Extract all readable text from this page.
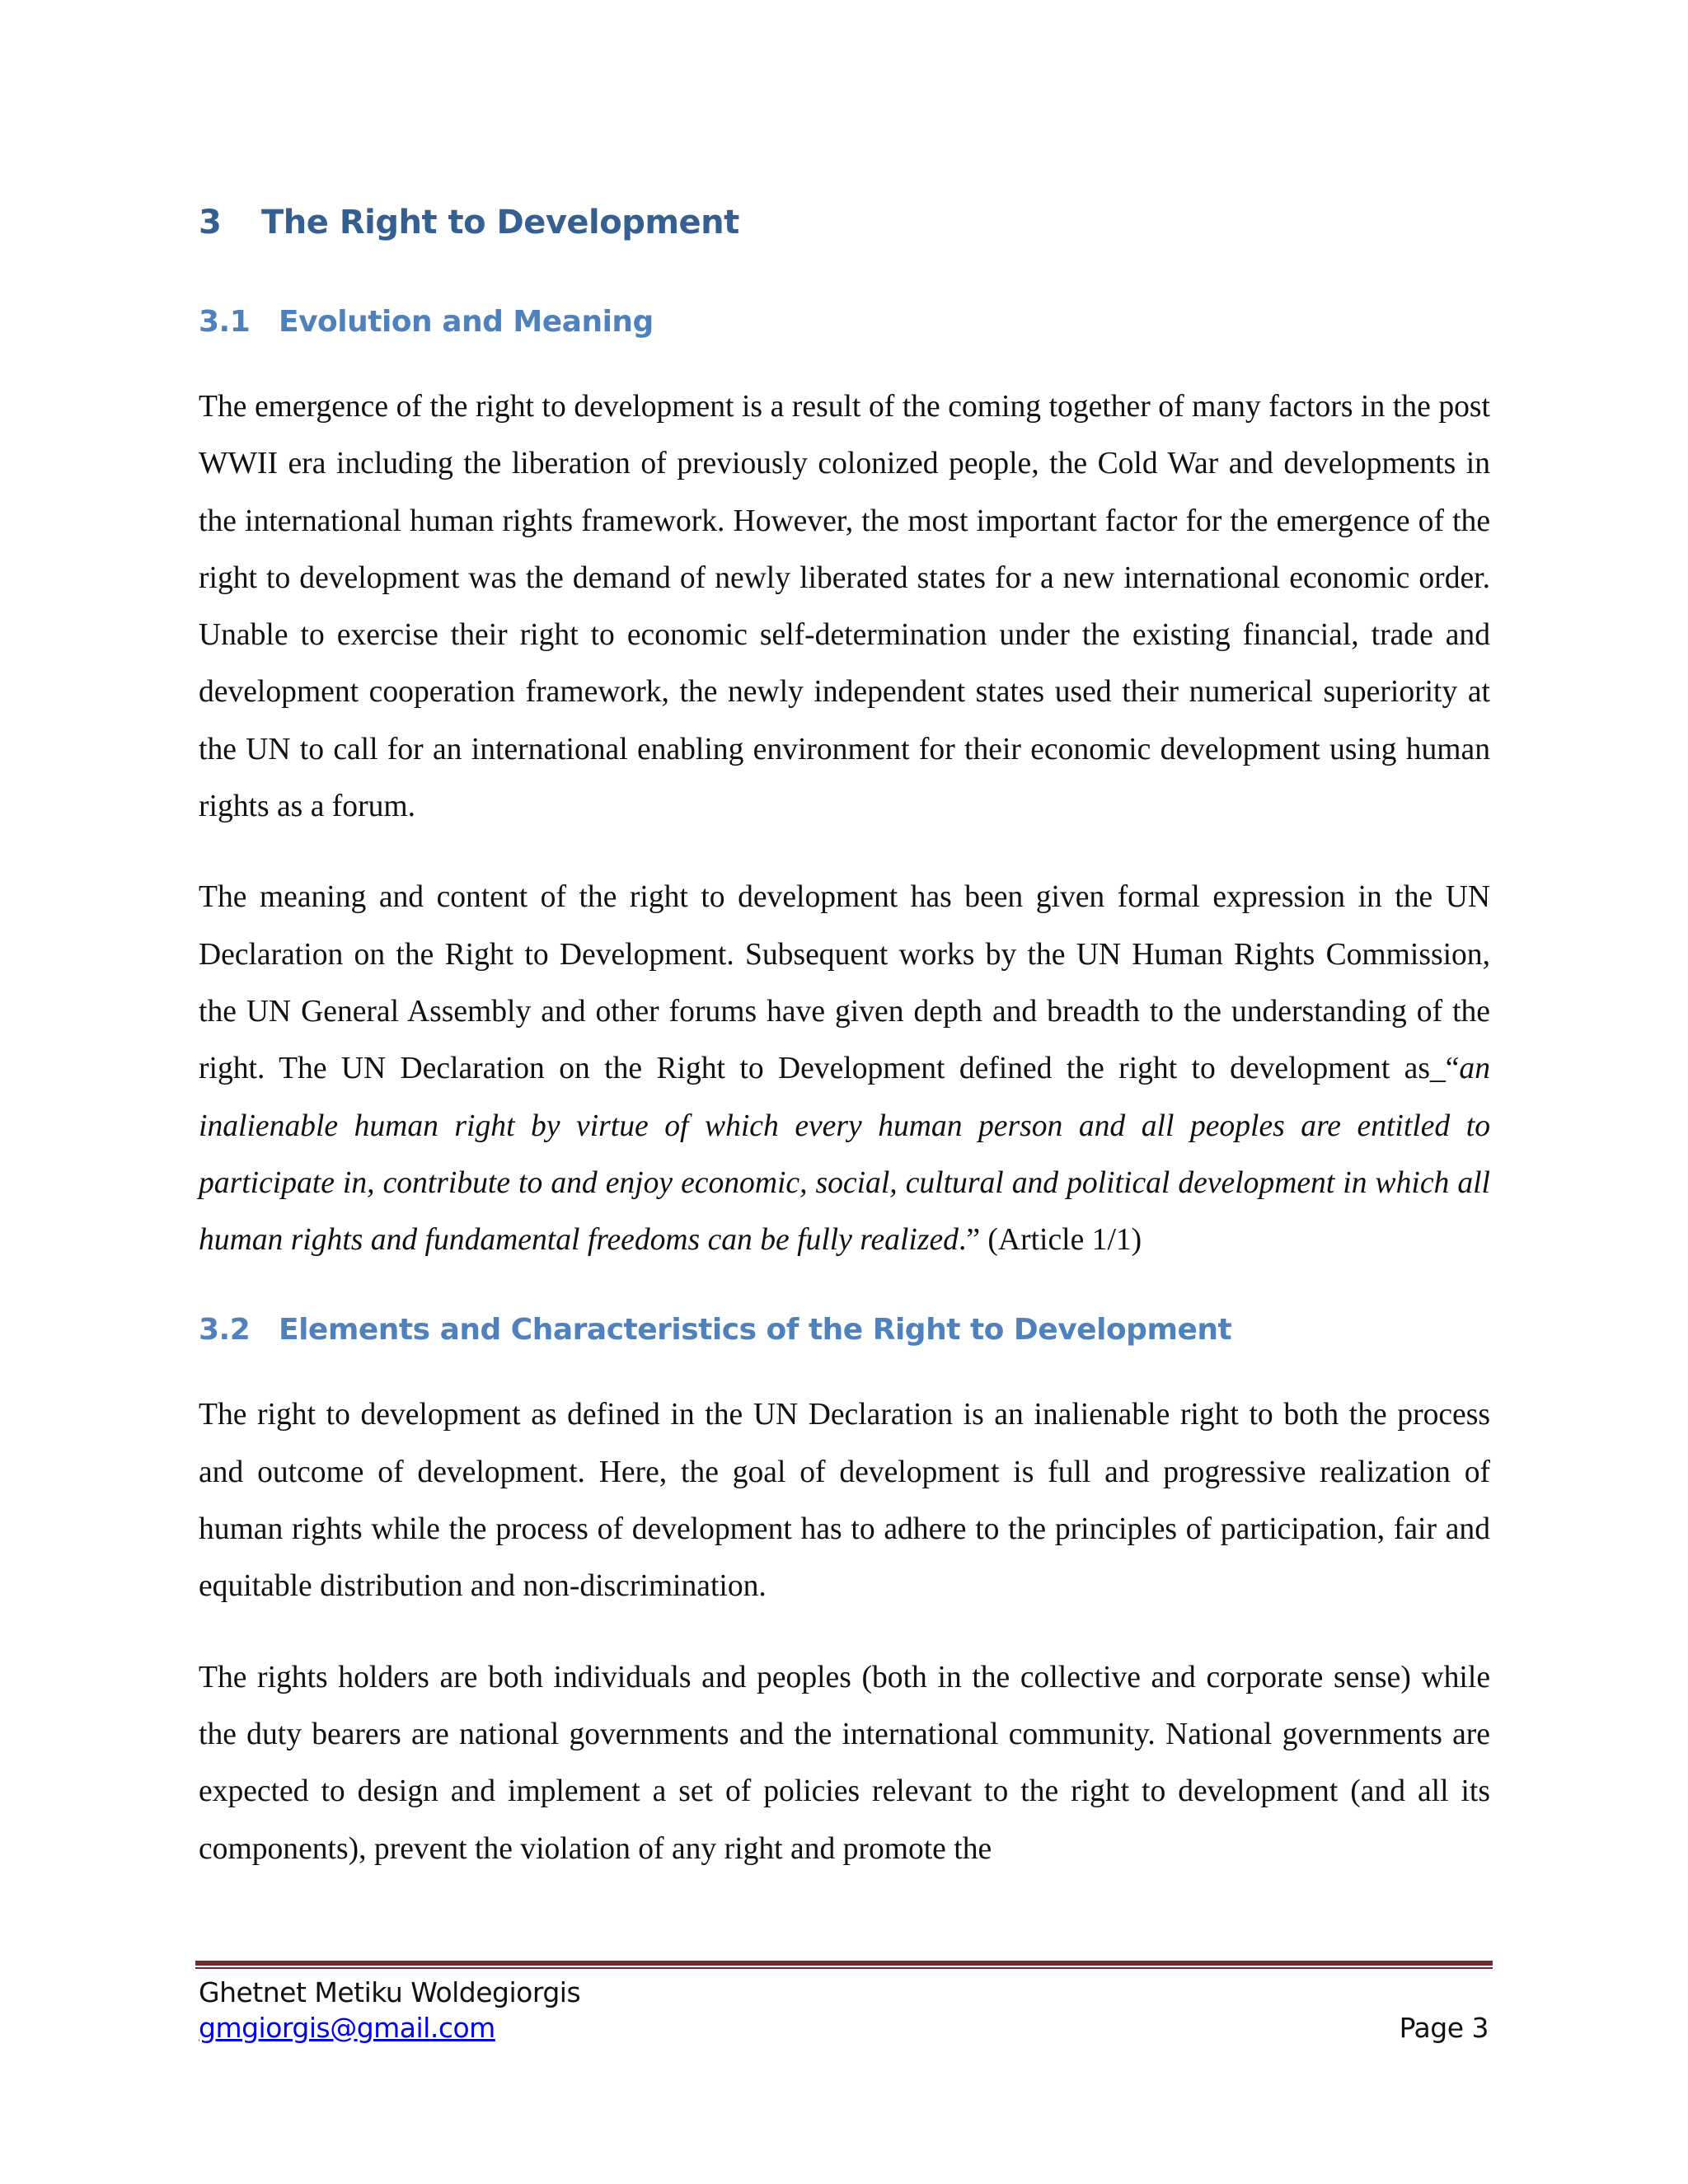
3 The Right to Development
3.1 Evolution and Meaning

The emergence of the right to development is a result of the coming together of many factors in the post WWII era including the liberation of previously colonized people, the Cold War and developments in the international human rights framework. However, the most important factor for the emergence of the right to development was the demand of newly liberated states for a new international economic order. Unable to exercise their right to economic self-determination under the existing financial, trade and development cooperation framework, the newly independent states used their numerical superiority at the UN to call for an international enabling environment for their economic development using human rights as a forum.

The meaning and content of the right to development has been given formal expression in the UN Declaration on the Right to Development. Subsequent works by the UN Human Rights Commission, the UN General Assembly and other forums have given depth and breadth to the understanding of the right. The UN Declaration on the Right to Development defined the right to development as_“an inalienable human right by virtue of which every human person and all peoples are entitled to participate in, contribute to and enjoy economic, social, cultural and political development in which all human rights and fundamental freedoms can be fully realized.” (Article 1/1)

3.2 Elements and Characteristics of the Right to Development

The right to development as defined in the UN Declaration is an inalienable right to both the process and outcome of development. Here, the goal of development is full and progressive realization of human rights while the process of development has to adhere to the principles of participation, fair and equitable distribution and non-discrimination.

The rights holders are both individuals and peoples (both in the collective and corporate sense) while the duty bearers are national governments and the international community. National governments are expected to design and implement a set of policies relevant to the right to development (and all its components), prevent the violation of any right and promote the

Ghetnet Metiku Woldegiorgis
gmgiorgis@gmail.com	Page 3
